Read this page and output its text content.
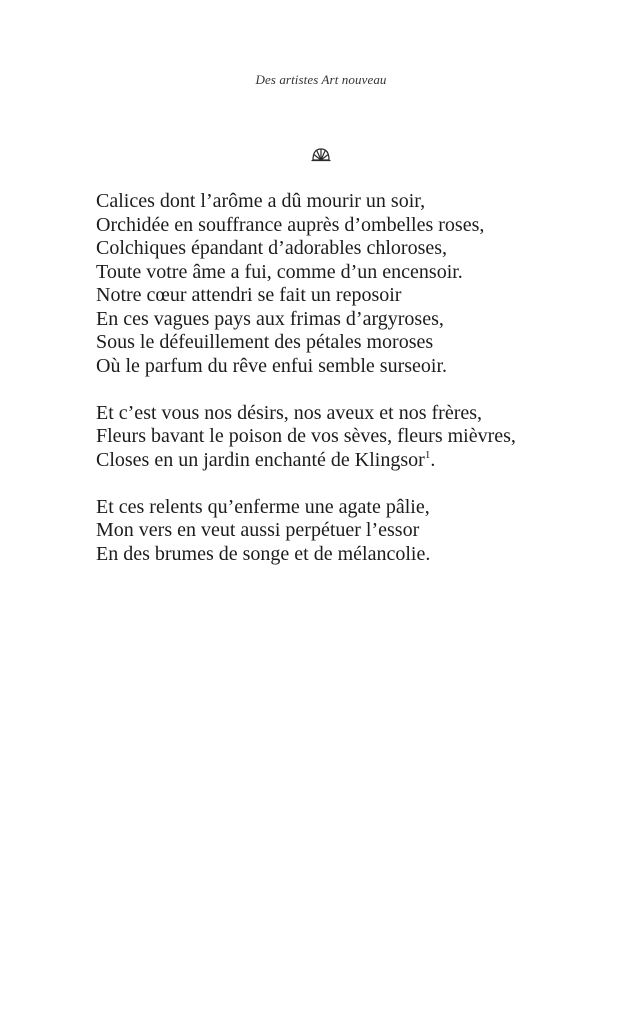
Des artistes Art nouveau
Calices dont l’arôme a dû mourir un soir,
Orchidée en souffrance auprès d’ombelles roses,
Colchiques épandant d’adorables chloroses,
Toute votre âme a fui, comme d’un encensoir.
Notre cœur attendri se fait un reposoir
En ces vagues pays aux frimas d’argyroses,
Sous le défeuillement des pétales moroses
Où le parfum du rêve enfui semble surseoir.
Et c’est vous nos désirs, nos aveux et nos frères,
Fleurs bavant le poison de vos sèves, fleurs mièvres,
Closes en un jardin enchanté de Klingsor$^1$.
Et ces relents qu’enferme une agate pâlie,
Mon vers en veut aussi perpétuer l’essor
En des brumes de songe et de mélancolie.
